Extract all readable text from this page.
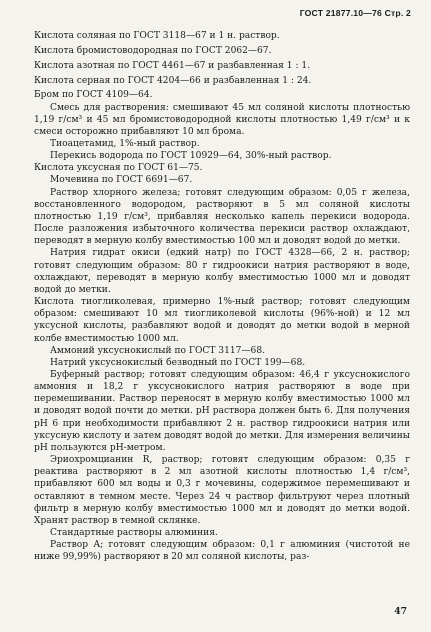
ГОСТ 21877.10—76 Стр. 2

Кислота соляная по ГОСТ 3118—67 и 1 н. раствор.

Кислота бромистоводородная по ГОСТ 2062—67.

Кислота азотная по ГОСТ 4461—67 и разбавленная 1 : 1.

Кислота серная по ГОСТ 4204—66 и разбавленная 1 : 24.

Бром по ГОСТ 4109—64.

Смесь для растворения: смешивают 45 мл соляной кислоты плотностью 1,19 г/см³ и 45 мл бромистоводородной кислоты плотностью 1,49 г/см³ и к смеси осторожно прибавляют 10 мл брома.

Тиоацетамид, 1%-ный раствор.

Перекись водорода по ГОСТ 10929—64, 30%-ный раствор.

Кислота уксусная по ГОСТ 61—75.

Мочевина по ГОСТ 6691—67.

Раствор хлорного железа; готовят следующим образом: 0,05 г железа, восстановленного водородом, растворяют в 5 мл соляной кислоты плотностью 1,19 г/см³, прибавляя несколько капель перекиси водорода. После разложения избыточного количества перекиси раствор охлаждают, переводят в мерную колбу вместимостью 100 мл и доводят водой до метки.

Натрия гидрат окиси (едкий натр) по ГОСТ 4328—66, 2 н. раствор; готовят следующим образом: 80 г гидроокиси натрия растворяют в воде, охлаждают, переводят в мерную колбу вместимостью 1000 мл и доводят водой до метки.

Кислота тиогликолевая, примерно 1%-ный раствор; готовят следующим образом: смешивают 10 мл тиогликолевой кислоты (96%-ной) и 12 мл уксусной кислоты, разбавляют водой и доводят до метки водой в мерной колбе вместимостью 1000 мл.

Аммоний уксуснокислый по ГОСТ 3117—68.

Натрий уксуснокислый безводный по ГОСТ 199—68.

Буферный раствор; готовят следующим образом: 46,4 г уксуснокислого аммония и 18,2 г уксуснокислого натрия растворяют в воде при перемешивании. Раствор переносят в мерную колбу вместимостью 1000 мл и доводят водой почти до метки. pH раствора должен быть 6. Для получения pH 6 при необходимости прибавляют 2 н. раствор гидроокиси натрия или уксусную кислоту и затем доводят водой до метки. Для измерения величины pH пользуются pH-метром.

Эриохромцианин R, раствор; готовят следующим образом: 0,35 г реактива растворяют в 2 мл азотной кислоты плотностью 1,4 г/см³, прибавляют 600 мл воды и 0,3 г мочевины, содержимое перемешивают и оставляют в темном месте. Через 24 ч раствор фильтруют через плотный фильтр в мерную колбу вместимостью 1000 мл и доводят до метки водой. Хранят раствор в темной склянке.

Стандартные растворы алюминия.

Раствор А; готовят следующим образом: 0,1 г алюминия (чистотой не ниже 99,99%) растворяют в 20 мл соляной кислоты, раз-

47
